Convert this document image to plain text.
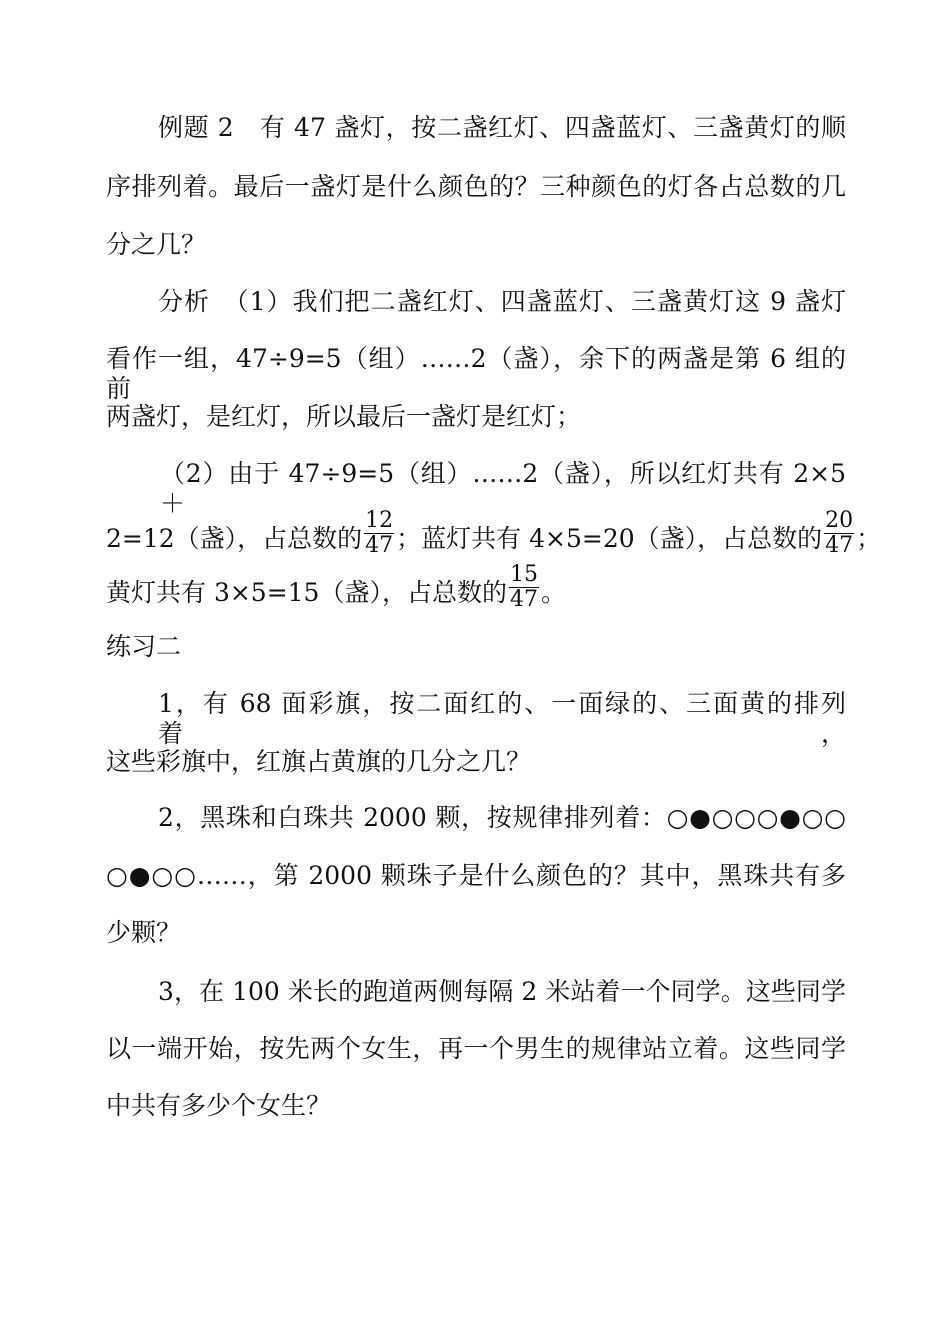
例题 2　有 47 盏灯，按二盏红灯、四盏蓝灯、三盏黄灯的顺
序排列着。最后一盏灯是什么颜色的？三种颜色的灯各占总数的几
分之几？
分析　（1）我们把二盏红灯、四盏蓝灯、三盏黄灯这 9 盏灯
看作一组，47÷9=5（组）……2（盏），余下的两盏是第 6 组的前
两盏灯，是红灯，所以最后一盏灯是红灯；
（2）由于 47÷9=5（组）……2（盏），所以红灯共有 2×5＋
2=12（盏），占总数的 $\frac{12}{47}$ ；蓝灯共有 4×5=20（盏），占总数的 $\frac{20}{47}$ ；
黄灯共有 3×5=15（盏），占总数的 $\frac{15}{47}$ 。
练习二
1，有 68 面彩旗，按二面红的、一面绿的、三面黄的排列着，
这些彩旗中，红旗占黄旗的几分之几？
2，黑珠和白珠共 2000 颗，按规律排列着：○●○○○●○○
○●○○……，第 2000 颗珠子是什么颜色的？其中，黑珠共有多
少颗？
3，在 100 米长的跑道两侧每隔 2 米站着一个同学。这些同学
以一端开始，按先两个女生，再一个男生的规律站立着。这些同学
中共有多少个女生？
